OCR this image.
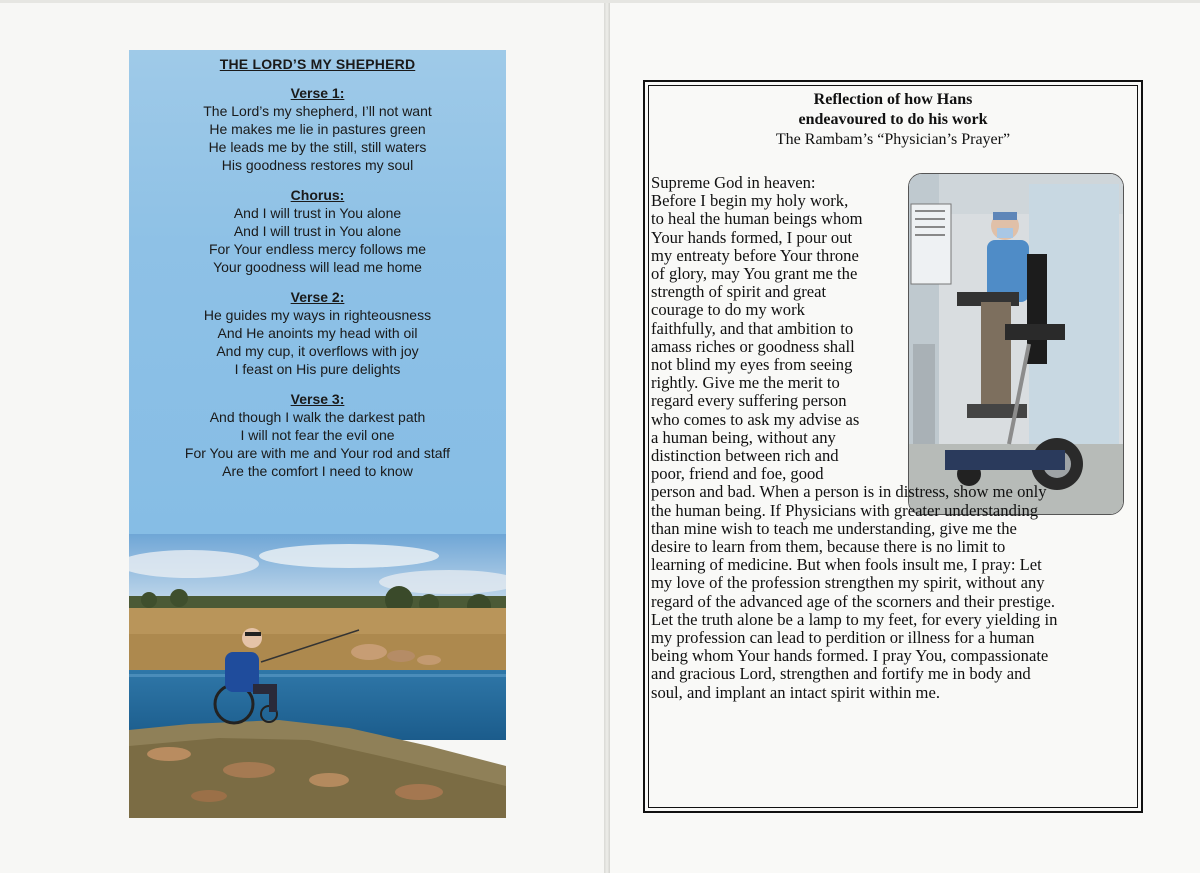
THE LORD’S MY SHEPHERD
Verse 1:
The Lord’s my shepherd, I’ll not want
He makes me lie in pastures green
He leads me by the still, still waters
His goodness restores my soul
Chorus:
And I will trust in You alone
And I will trust in You alone
For Your endless mercy follows me
Your goodness will lead me home
Verse 2:
He guides my ways in righteousness
And He anoints my head with oil
And my cup, it overflows with joy
I feast on His pure delights
Verse 3:
And though I walk the darkest path
I will not fear the evil one
For You are with me and Your rod and staff
Are the comfort I need to know
Reflection of how Hans
endeavoured to do his work
The Rambam’s “Physician’s Prayer”
Supreme God in heaven:
Before I begin my holy work,
to heal the human beings whom
Your hands formed, I pour out
my entreaty before Your throne
of glory, may You grant me the
strength of spirit and great
courage to do my work
faithfully, and that ambition to
amass riches or goodness shall
not blind my eyes from seeing
rightly. Give me the merit to
regard every suffering person
who comes to ask my advise as
a human being, without any
distinction between rich and
poor, friend and foe, good
person and bad. When a person is in distress, show me only
the human being. If Physicians with greater understanding
than mine wish to teach me understanding, give me the
desire to learn from them, because there is no limit to
learning of medicine. But when fools insult me, I pray: Let
my love of the profession strengthen my spirit, without any
regard of the advanced age of the scorners and their prestige.
Let the truth alone be a lamp to my feet, for every yielding in
my profession can lead to perdition or illness for a human
being whom Your hands formed. I pray You, compassionate
and gracious Lord, strengthen and fortify me in body and
soul, and implant an intact spirit within me.
